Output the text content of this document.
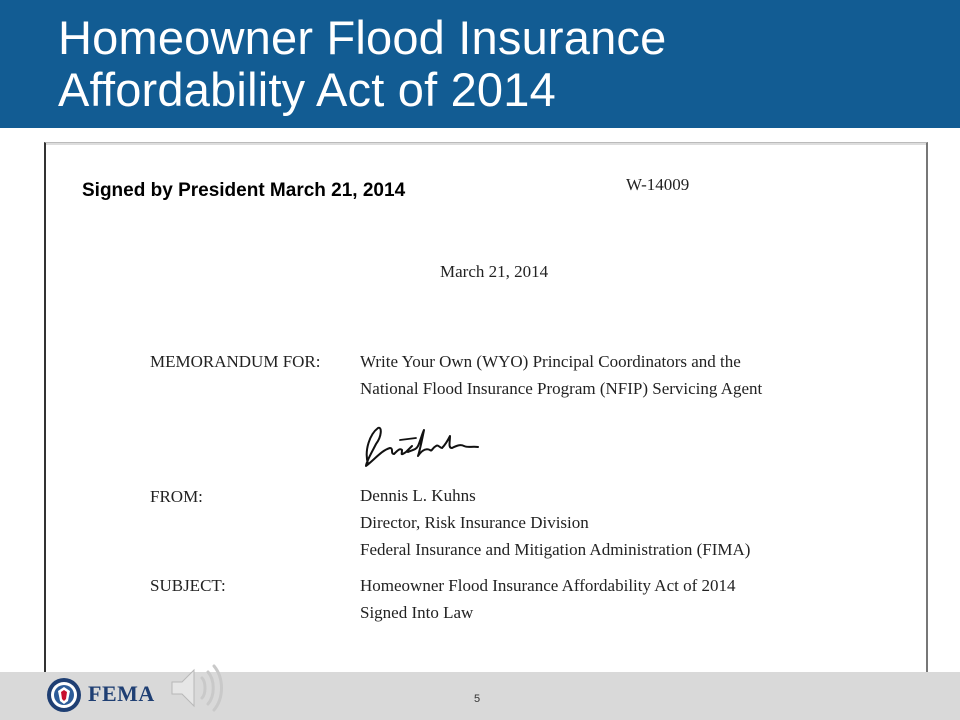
Homeowner Flood Insurance
Affordability Act of 2014
Signed by President March 21, 2014	W-14009
March 21, 2014
MEMORANDUM FOR: Write Your Own (WYO) Principal Coordinators and the
National Flood Insurance Program (NFIP) Servicing Agent
FROM:	Dennis L. Kuhns
Director, Risk Insurance Division
Federal Insurance and Mitigation Administration (FIMA)
SUBJECT:	Homeowner Flood Insurance Affordability Act of 2014
Signed Into Law
FEMA	5
